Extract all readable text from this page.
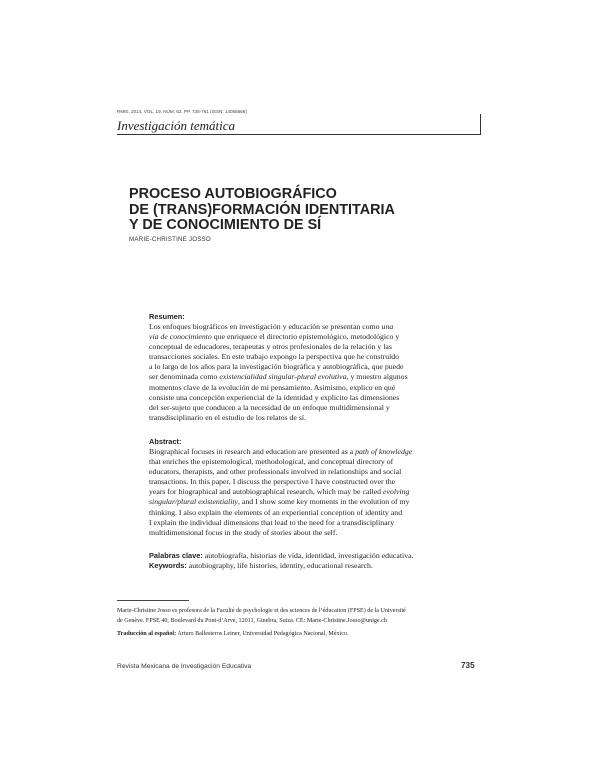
RMIE, 2014, VOL. 19, NÚM. 62, PP. 735-761 (ISSN: 14056666)
Investigación temática
PROCESO AUTOBIOGRÁFICO
DE (TRANS)FORMACIÓN IDENTITARIA
Y DE CONOCIMIENTO DE SÍ
MARIE-CHRISTINE JOSSO
Resumen:
Los enfoques biográficos en investigación y educación se presentan como una
vía de conocimiento que enriquece el directorio epistemológico, metodológico y
conceptual de educadores, terapeutas y otros profesionales de la relación y las
transacciones sociales. En este trabajo expongo la perspectiva que he construido
a lo largo de los años para la investigación biográfica y autobiográfica, que puede
ser denominada como existencialidad singular-plural evolutiva, y muestro algunos
momentos clave de la evolución de mi pensamiento. Asimismo, explico en qué
consiste una concepción experiencial de la identidad y explicito las dimensiones
del ser-sujeto que conducen a la necesidad de un enfoque multidimensional y
transdisciplinario en el estudio de los relatos de sí.
Abstract:
Biographical focuses in research and education are presented as a path of knowledge
that enriches the epistemological, methodological, and conceptual directory of
educators, therapists, and other professionals involved in relationships and social
transactions. In this paper, I discuss the perspective I have constructed over the
years for biographical and autobiographical research, which may be called evolving
singular/plural existentiality, and I show some key moments in the evolution of my
thinking. I also explain the elements of an experiential conception of identity and
I explain the individual dimensions that lead to the need for a transdisciplinary
multidimensional focus in the study of stories about the self.
Palabras clave: autobiografía, historias de vida, identidad, investigación educativa.
Keywords: autobiography, life histories, identity, educational research.
Marie-Christine Josso es profesora de la Faculté de psychologie et des sciences de l’éducation (FPSE) de la Université
de Genève. FPSE 40, Boulevard du Pont-d’Arve, 12011, Ginebra, Suiza. CE: Marie-Christine.Josso@unige.ch
Traducción al español: Arturo Ballesteros Leiner, Universidad Pedagógica Nacional, México.
Revista Mexicana de Investigación Educativa	735
